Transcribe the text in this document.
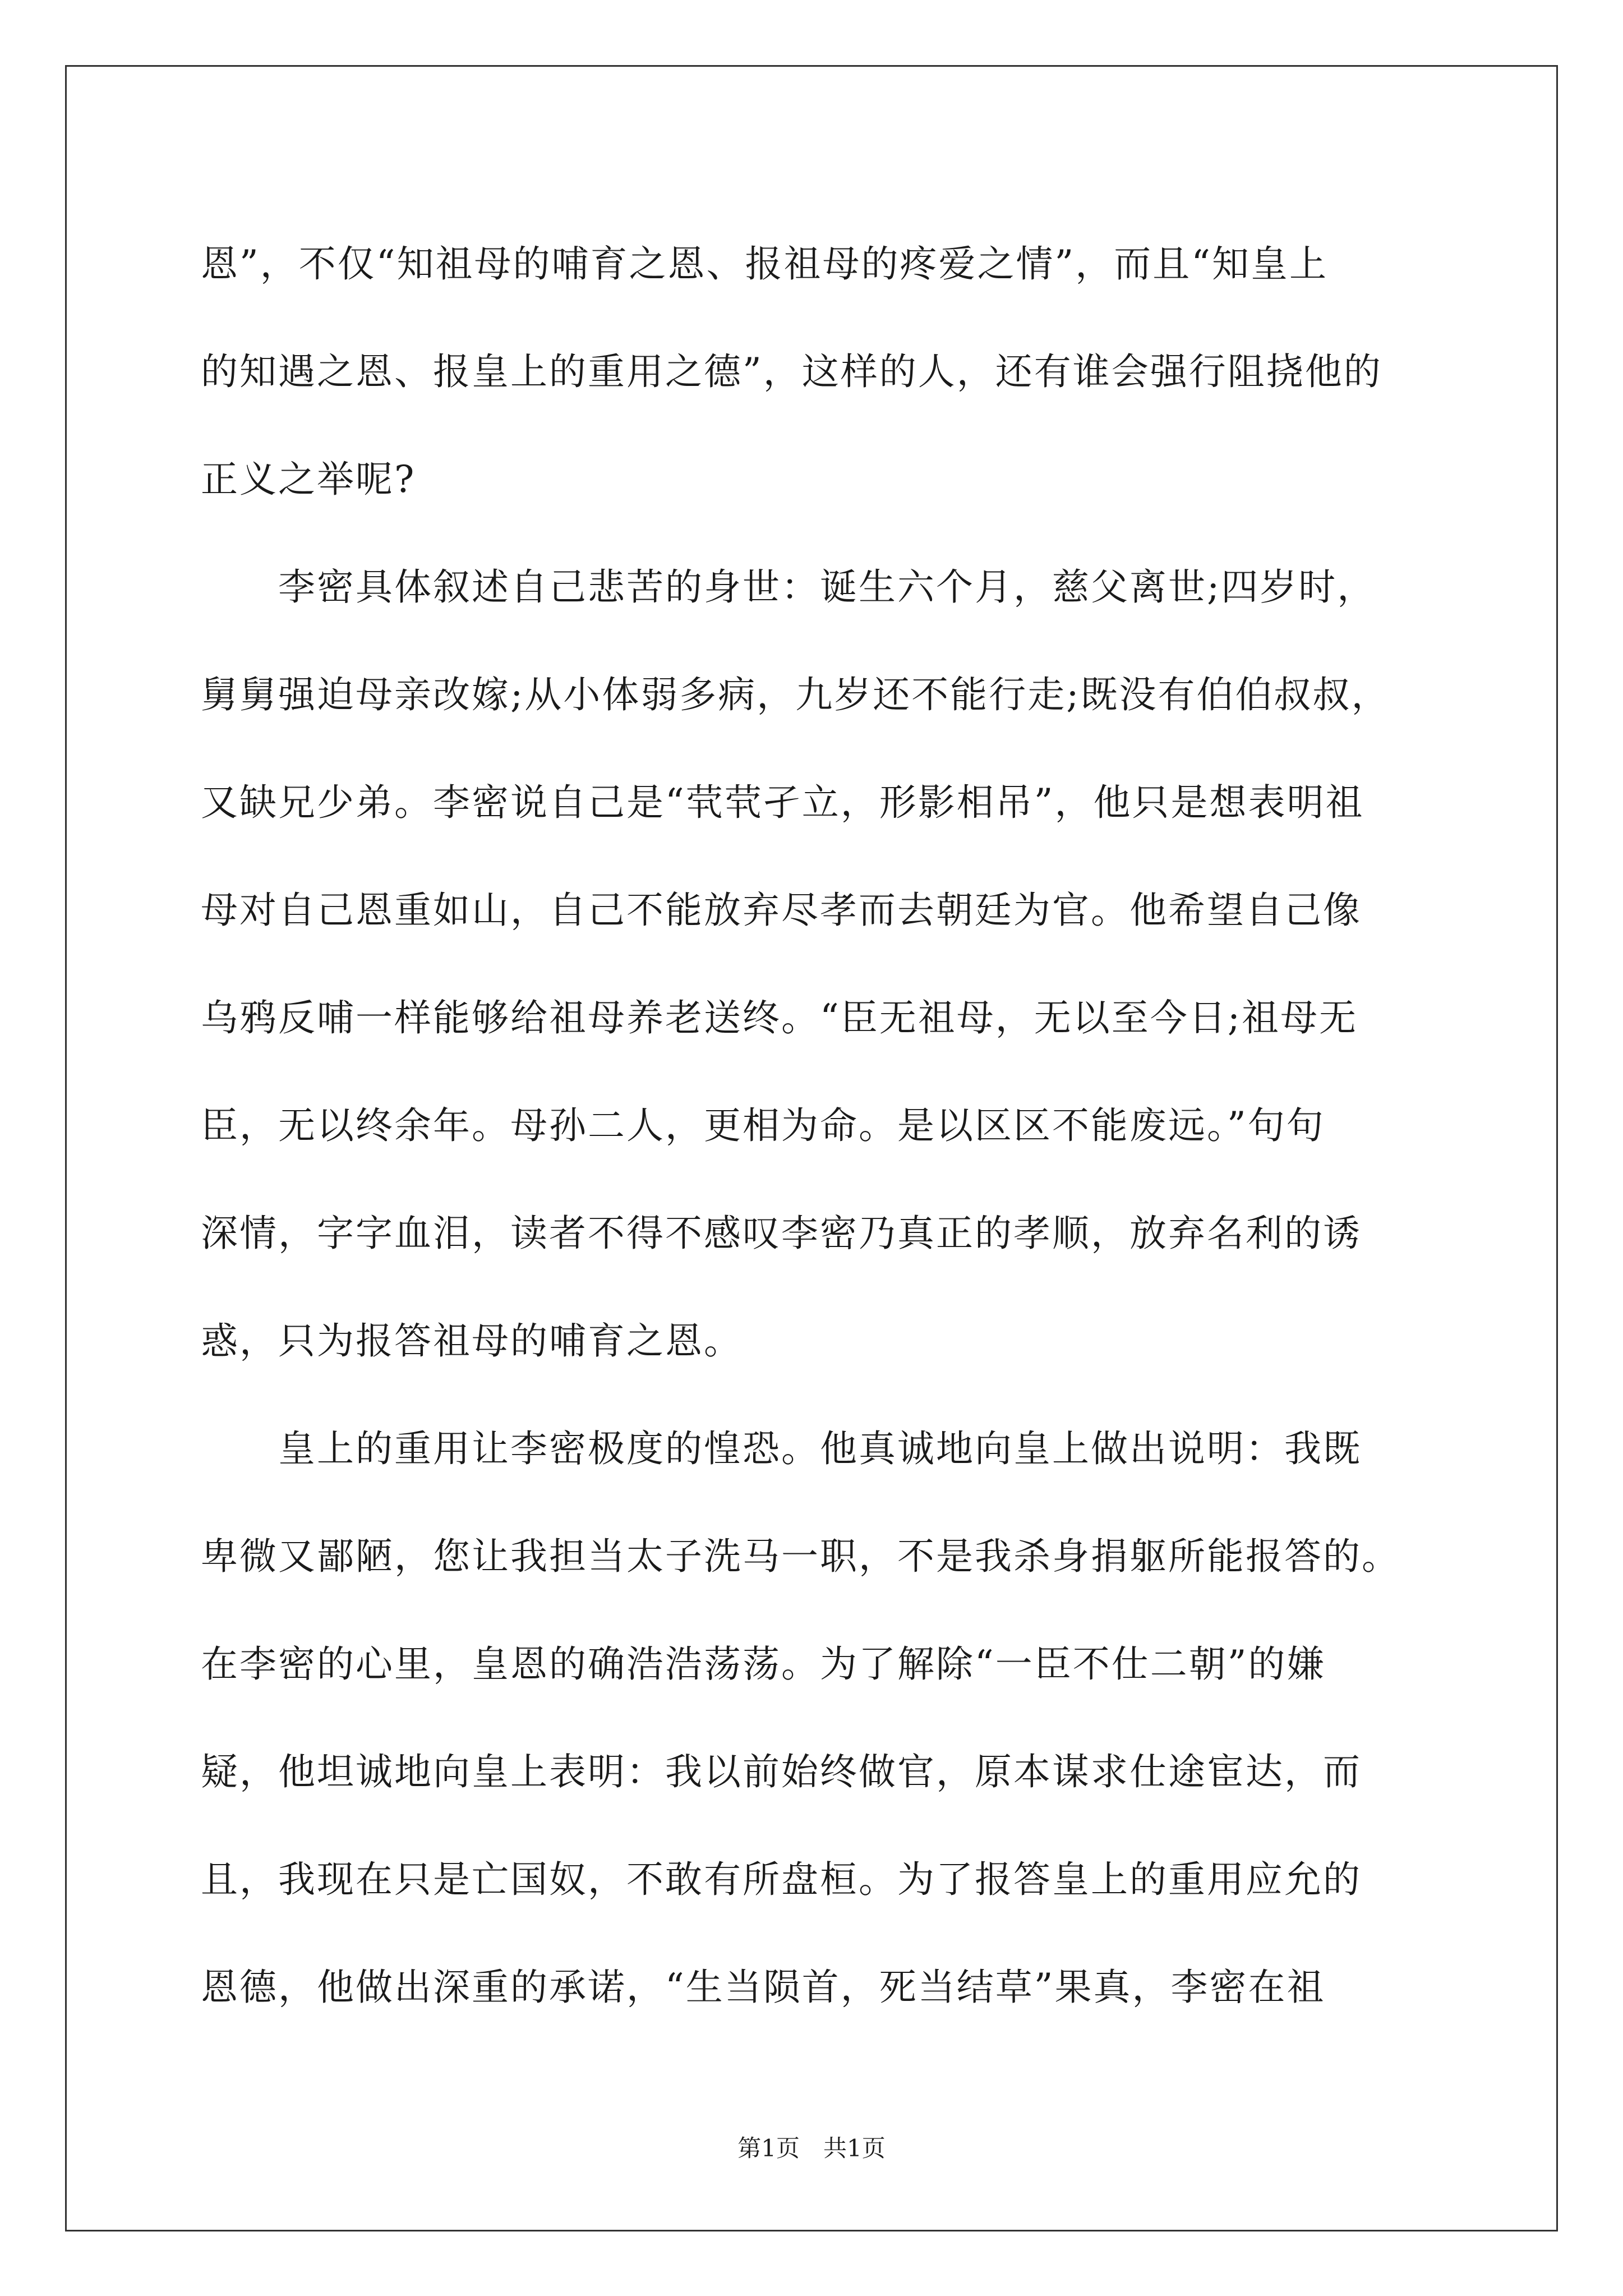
恩”，不仅“知祖母的哺育之恩、报祖母的疼爱之情”，而且“知皇上
的知遇之恩、报皇上的重用之德”，这样的人，还有谁会强行阻挠他的
正义之举呢?
　　李密具体叙述自己悲苦的身世：诞生六个月，慈父离世;四岁时，
舅舅强迫母亲改嫁;从小体弱多病，九岁还不能行走;既没有伯伯叔叔，
又缺兄少弟。李密说自己是“茕茕孑立，形影相吊”，他只是想表明祖
母对自己恩重如山，自己不能放弃尽孝而去朝廷为官。他希望自己像
乌鸦反哺一样能够给祖母养老送终。“臣无祖母，无以至今日;祖母无
臣，无以终余年。母孙二人，更相为命。是以区区不能废远。”句句
深情，字字血泪，读者不得不感叹李密乃真正的孝顺，放弃名利的诱
惑，只为报答祖母的哺育之恩。
　　皇上的重用让李密极度的惶恐。他真诚地向皇上做出说明：我既
卑微又鄙陋，您让我担当太子洗马一职，不是我杀身捐躯所能报答的。
在李密的心里，皇恩的确浩浩荡荡。为了解除“一臣不仕二朝”的嫌
疑，他坦诚地向皇上表明：我以前始终做官，原本谋求仕途宦达，而
且，我现在只是亡国奴，不敢有所盘桓。为了报答皇上的重用应允的
恩德，他做出深重的承诺，“生当陨首，死当结草”果真，李密在祖
第1页　共1页
